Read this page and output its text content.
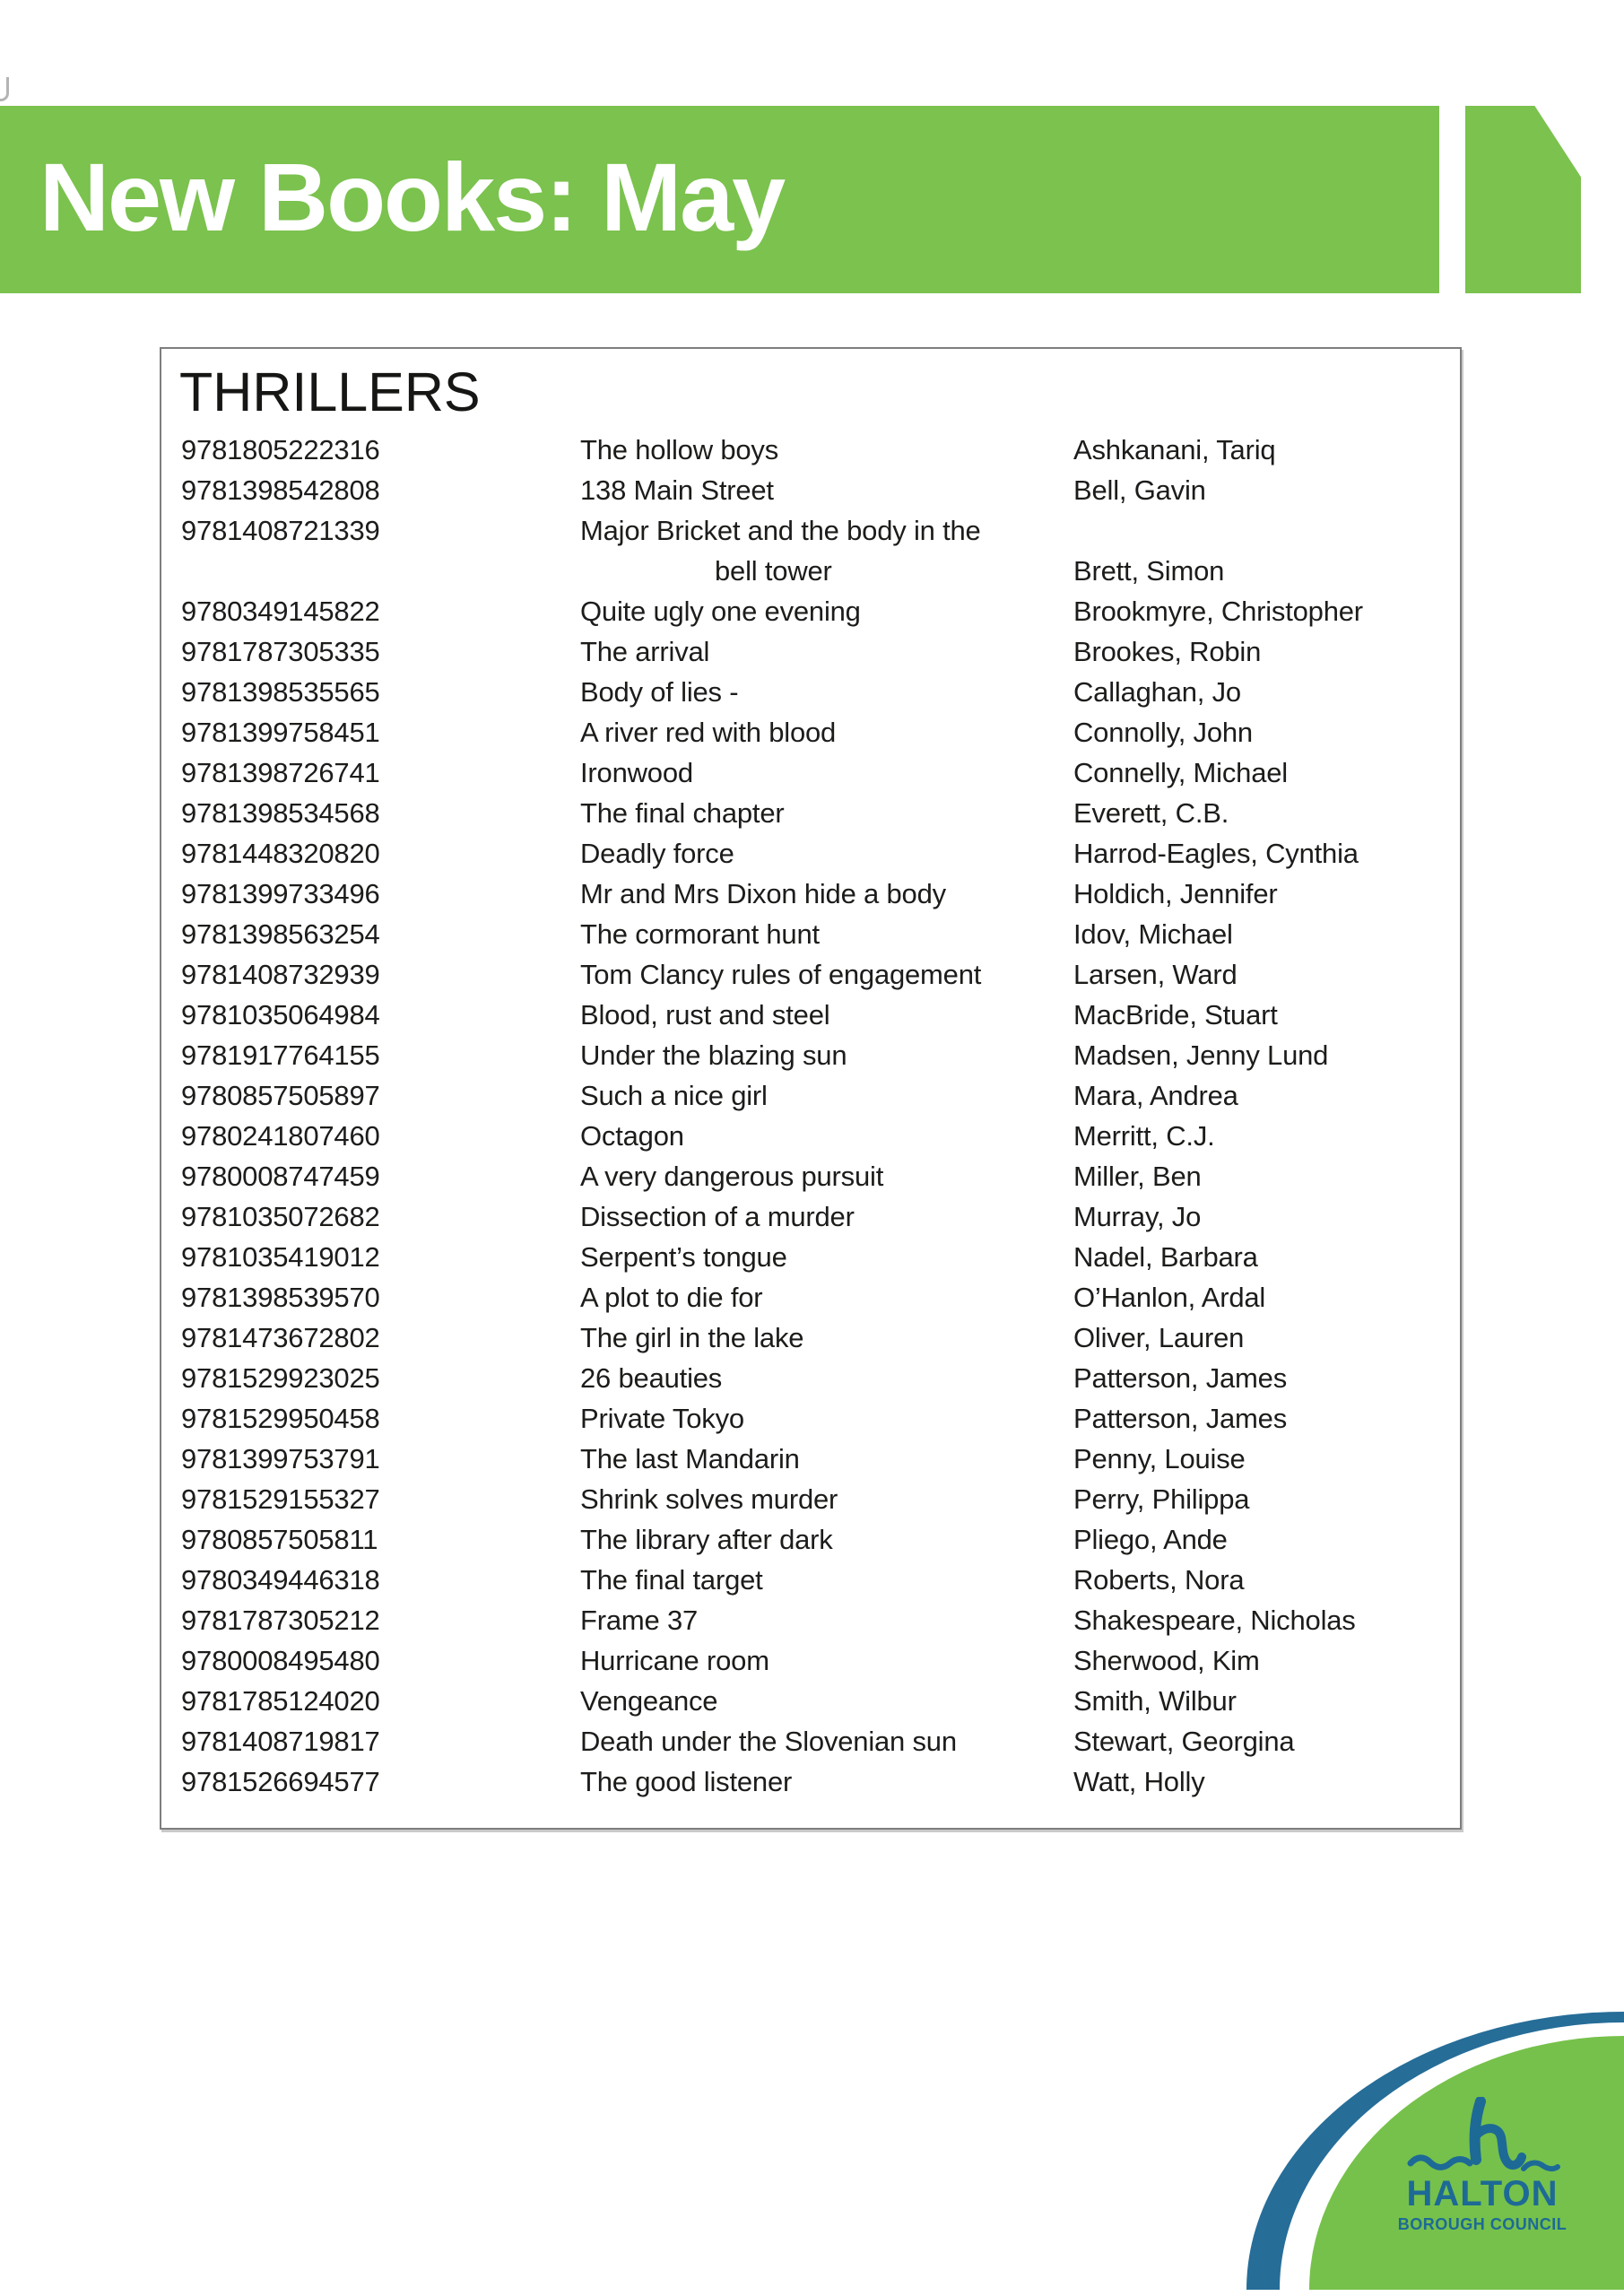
New Books: May
THRILLERS
9781805222316	The hollow boys	Ashkanani, Tariq
9781398542808	138 Main Street	Bell, Gavin
9781408721339	Major Bricket and the body in the
bell tower	Brett, Simon
9780349145822	Quite ugly one evening	Brookmyre, Christopher
9781787305335	The arrival	Brookes, Robin
9781398535565	Body of lies -	Callaghan, Jo
9781399758451	A river red with blood	Connolly, John
9781398726741	Ironwood	Connelly, Michael
9781398534568	The final chapter	Everett, C.B.
9781448320820	Deadly force	Harrod-Eagles, Cynthia
9781399733496	Mr and Mrs Dixon hide a body	Holdich, Jennifer
9781398563254	The cormorant hunt	Idov, Michael
9781408732939	Tom Clancy rules of engagement	Larsen, Ward
9781035064984	Blood, rust and steel	MacBride, Stuart
9781917764155	Under the blazing sun	Madsen, Jenny Lund
9780857505897	Such a nice girl	Mara, Andrea
9780241807460	Octagon	Merritt, C.J.
9780008747459	A very dangerous pursuit	Miller, Ben
9781035072682	Dissection of a murder	Murray, Jo
9781035419012	Serpent’s tongue	Nadel, Barbara
9781398539570	A plot to die for	O’Hanlon, Ardal
9781473672802	The girl in the lake	Oliver, Lauren
9781529923025	26 beauties	Patterson, James
9781529950458	Private Tokyo	Patterson, James
9781399753791	The last Mandarin	Penny, Louise
9781529155327	Shrink solves murder	Perry, Philippa
9780857505811	The library after dark	Pliego, Ande
9780349446318	The final target	Roberts, Nora
9781787305212	Frame 37	Shakespeare, Nicholas
9780008495480	Hurricane room	Sherwood, Kim
9781785124020	Vengeance	Smith, Wilbur
9781408719817	Death under the Slovenian sun	Stewart, Georgina
9781526694577	The good listener	Watt, Holly
HALTON
BOROUGH COUNCIL
